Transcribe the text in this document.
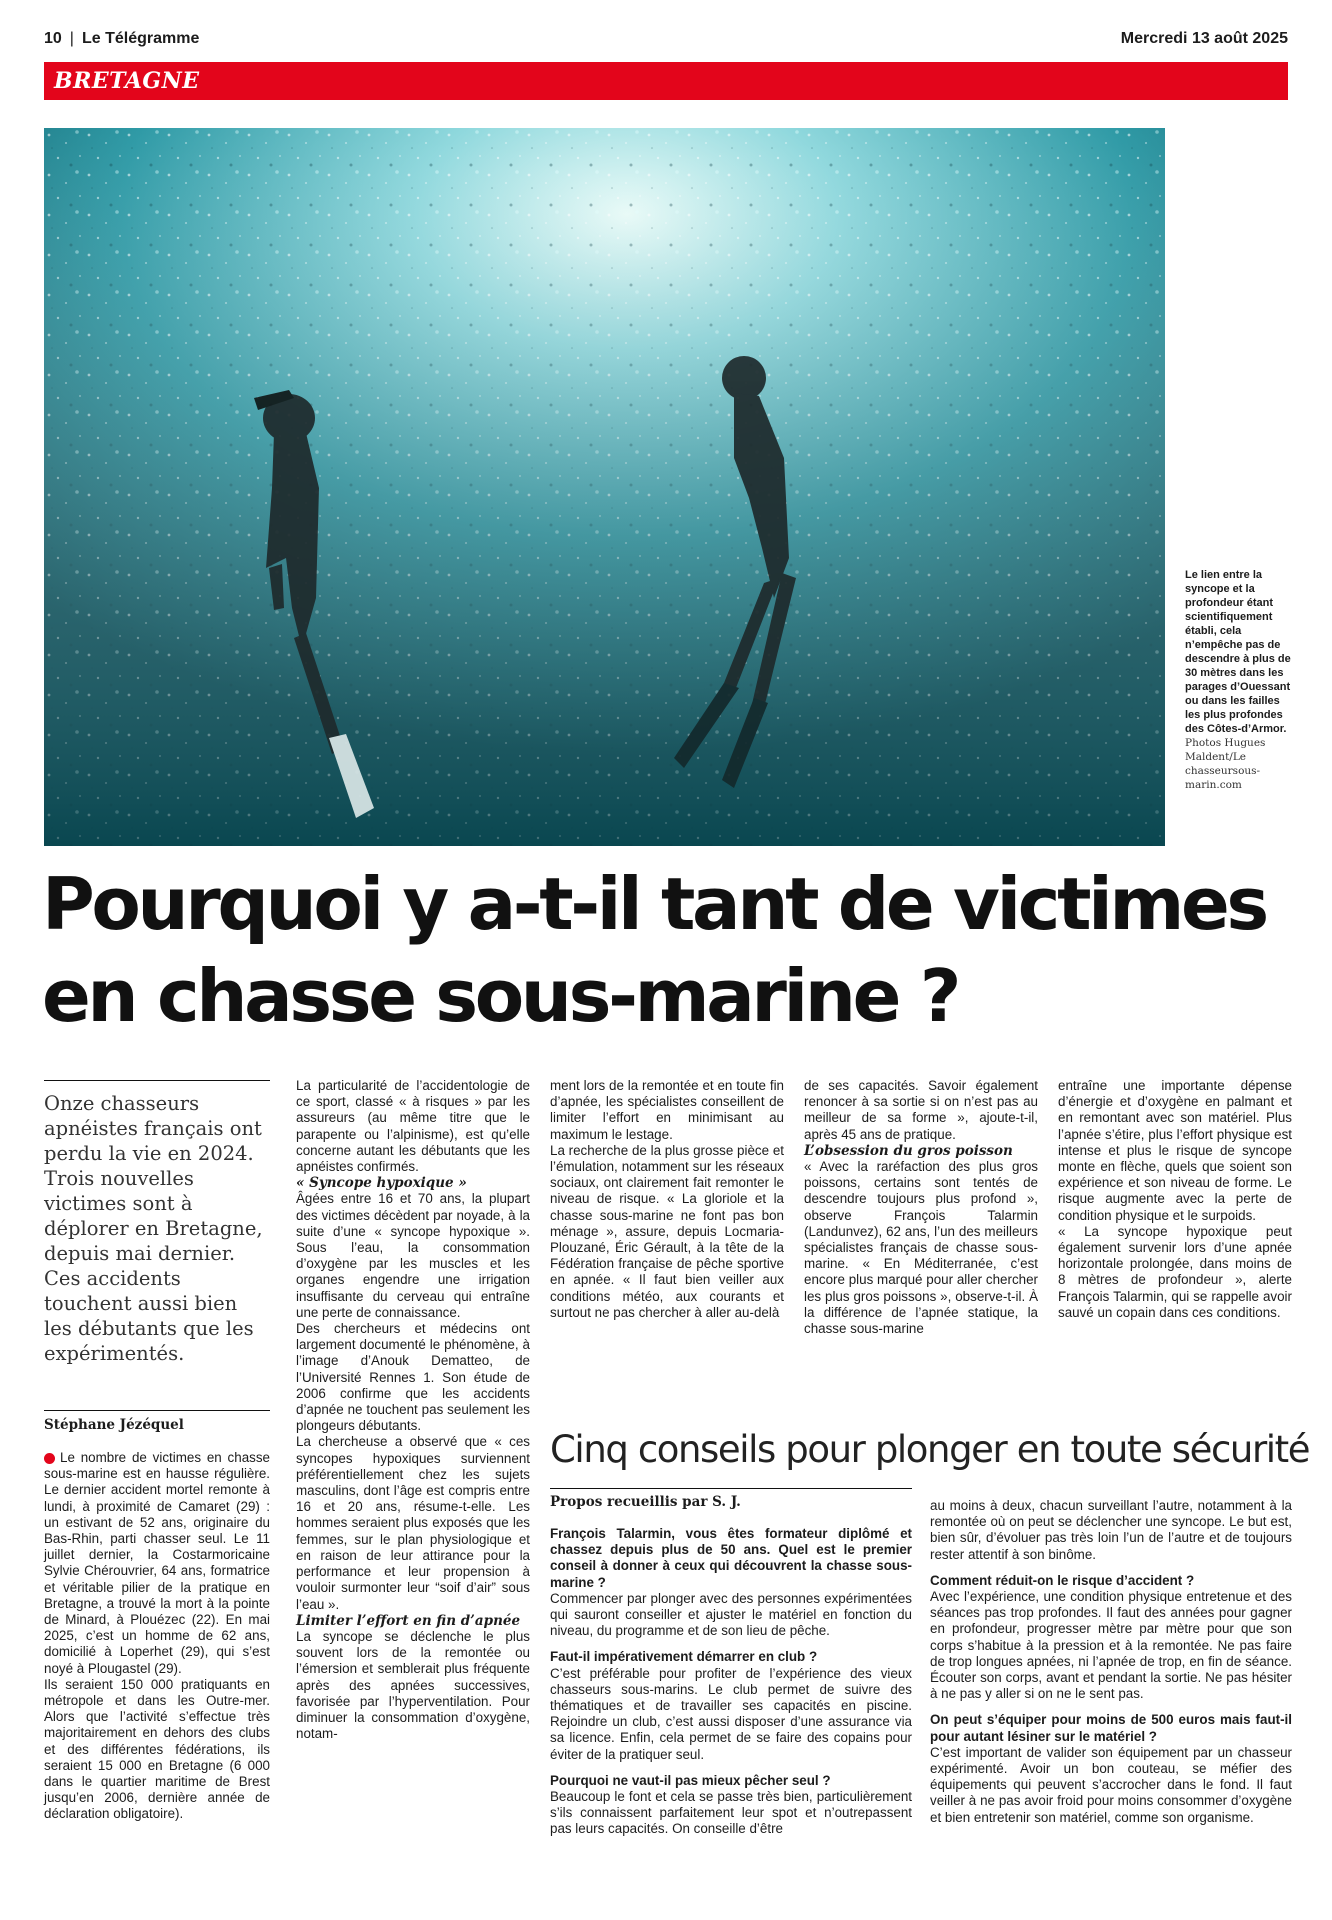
10 | Le Télégramme	Mercredi 13 août 2025
BRETAGNE
Le lien entre la syncope et la profondeur étant scientifiquement établi, cela n’empêche pas de descendre à plus de 30 mètres dans les parages d’Ouessant ou dans les failles les plus profondes des Côtes-d’Armor.
Photos Hugues Maldent/Le chasseursous-marin.com
Pourquoi y a-t-il tant de victimes
en chasse sous-marine ?
Onze chasseurs apnéistes français ont perdu la vie en 2024. Trois nouvelles victimes sont à déplorer en Bretagne, depuis mai dernier. Ces accidents touchent aussi bien les débutants que les expérimentés.
Stéphane Jézéquel

Le nombre de victimes en chasse sous-marine est en hausse régulière. Le dernier accident mortel remonte à lundi, à proximité de Camaret (29) : un estivant de 52 ans, originaire du Bas-Rhin, parti chasser seul. Le 11 juillet dernier, la Costarmoricaine Sylvie Chérouvrier, 64 ans, formatrice et véritable pilier de la pratique en Bretagne, a trouvé la mort à la pointe de Minard, à Plouézec (22). En mai 2025, c’est un homme de 62 ans, domicilié à Loperhet (29), qui s’est noyé à Plougastel (29).

Ils seraient 150 000 pratiquants en métropole et dans les Outre-mer. Alors que l’activité s’effectue très majoritairement en dehors des clubs et des différentes fédérations, ils seraient 15 000 en Bretagne (6 000 dans le quartier maritime de Brest jusqu’en 2006, dernière année de déclaration obligatoire).

La particularité de l’accidentologie de ce sport, classé « à risques » par les assureurs (au même titre que le parapente ou l’alpinisme), est qu’elle concerne autant les débutants que les apnéistes confirmés.

« Syncope hypoxique »

Âgées entre 16 et 70 ans, la plupart des victimes décèdent par noyade, à la suite d’une « syncope hypoxique ». Sous l’eau, la consommation d’oxygène par les muscles et les organes engendre une irrigation insuffisante du cerveau qui entraîne une perte de connaissance.

Des chercheurs et médecins ont largement documenté le phénomène, à l’image d’Anouk Dematteo, de l’Université Rennes 1. Son étude de 2006 confirme que les accidents d’apnée ne touchent pas seulement les plongeurs débutants.

La chercheuse a observé que « ces syncopes hypoxiques surviennent préférentiellement chez les sujets masculins, dont l’âge est compris entre 16 et 20 ans, résume-t-elle. Les hommes seraient plus exposés que les femmes, sur le plan physiologique et en raison de leur attirance pour la performance et leur propension à vouloir surmonter leur “soif d’air” sous l’eau ».

Limiter l’effort en fin d’apnée

La syncope se déclenche le plus souvent lors de la remontée ou l’émersion et semblerait plus fréquente après des apnées successives, favorisée par l’hyperventilation. Pour diminuer la consommation d’oxygène, notam-

ment lors de la remontée et en toute fin d’apnée, les spécialistes conseillent de limiter l’effort en minimisant au maximum le lestage.

La recherche de la plus grosse pièce et l’émulation, notamment sur les réseaux sociaux, ont clairement fait remonter le niveau de risque. « La gloriole et la chasse sous-marine ne font pas bon ménage », assure, depuis Locmaria-Plouzané, Éric Gérault, à la tête de la Fédération française de pêche sportive en apnée. « Il faut bien veiller aux conditions météo, aux courants et surtout ne pas chercher à aller au-delà

de ses capacités. Savoir également renoncer à sa sortie si on n’est pas au meilleur de sa forme », ajoute-t-il, après 45 ans de pratique.

L’obsession du gros poisson

« Avec la raréfaction des plus gros poissons, certains sont tentés de descendre toujours plus profond », observe François Talarmin (Landunvez), 62 ans, l’un des meilleurs spécialistes français de chasse sous-marine. « En Méditerranée, c’est encore plus marqué pour aller chercher les plus gros poissons », observe-t-il. À la différence de l’apnée statique, la chasse sous-marine

entraîne une importante dépense d’énergie et d’oxygène en palmant et en remontant avec son matériel. Plus l’apnée s’étire, plus l’effort physique est intense et plus le risque de syncope monte en flèche, quels que soient son expérience et son niveau de forme. Le risque augmente avec la perte de condition physique et le surpoids.

« La syncope hypoxique peut également survenir lors d’une apnée horizontale prolongée, dans moins de 8 mètres de profondeur », alerte François Talarmin, qui se rappelle avoir sauvé un copain dans ces conditions.

Cinq conseils pour plonger en toute sécurité
Propos recueillis par S. J.

François Talarmin, vous êtes formateur diplômé et chassez depuis plus de 50 ans. Quel est le premier conseil à donner à ceux qui découvrent la chasse sous-marine ?

Commencer par plonger avec des personnes expérimentées qui sauront conseiller et ajuster le matériel en fonction du niveau, du programme et de son lieu de pêche.

Faut-il impérativement démarrer en club ?

C’est préférable pour profiter de l’expérience des vieux chasseurs sous-marins. Le club permet de suivre des thématiques et de travailler ses capacités en piscine. Rejoindre un club, c’est aussi disposer d’une assurance via sa licence. Enfin, cela permet de se faire des copains pour éviter de la pratiquer seul.

Pourquoi ne vaut-il pas mieux pêcher seul ?

Beaucoup le font et cela se passe très bien, particulièrement s’ils connaissent parfaitement leur spot et n’outrepassent pas leurs capacités. On conseille d’être

au moins à deux, chacun surveillant l’autre, notamment à la remontée où on peut se déclencher une syncope. Le but est, bien sûr, d’évoluer pas très loin l’un de l’autre et de toujours rester attentif à son binôme.

Comment réduit-on le risque d’accident ?

Avec l’expérience, une condition physique entretenue et des séances pas trop profondes. Il faut des années pour gagner en profondeur, progresser mètre par mètre pour que son corps s’habitue à la pression et à la remontée. Ne pas faire de trop longues apnées, ni l’apnée de trop, en fin de séance. Écouter son corps, avant et pendant la sortie. Ne pas hésiter à ne pas y aller si on ne le sent pas.

On peut s’équiper pour moins de 500 euros mais faut-il pour autant lésiner sur le matériel ?

C’est important de valider son équipement par un chasseur expérimenté. Avoir un bon couteau, se méfier des équipements qui peuvent s’accrocher dans le fond. Il faut veiller à ne pas avoir froid pour moins consommer d’oxygène et bien entretenir son matériel, comme son organisme.
